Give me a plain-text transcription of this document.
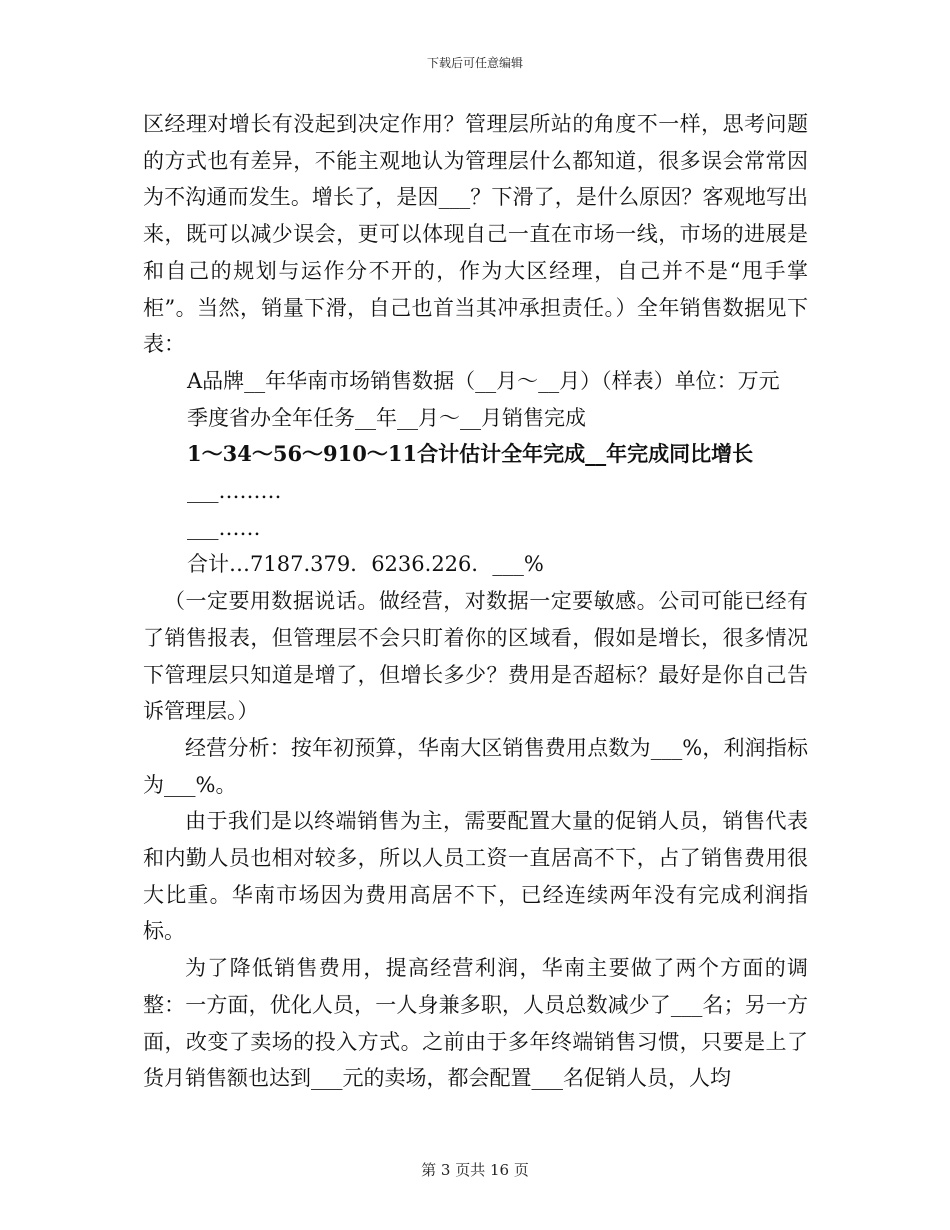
下载后可任意编辑

区经理对增长有没起到决定作用？管理层所站的角度不一样，思考问题的方式也有差异，不能主观地认为管理层什么都知道，很多误会常常因为不沟通而发生。增长了，是因___？下滑了，是什么原因？客观地写出来，既可以减少误会，更可以体现自己一直在市场一线，市场的进展是和自己的规划与运作分不开的，作为大区经理，自己并不是“甩手掌柜”。当然，销量下滑，自己也首当其冲承担责任。）全年销售数据见下表：

A品牌__年华南市场销售数据（__月～__月）（样表）单位：万元

季度省办全年任务__年__月～__月销售完成

1～34～56～910～11合计估计全年完成__年完成同比增长

___………

___……

合计…7187.379．6236.226．___%

（一定要用数据说话。做经营，对数据一定要敏感。公司可能已经有了销售报表，但管理层不会只盯着你的区域看，假如是增长，很多情况下管理层只知道是增了，但增长多少？费用是否超标？最好是你自己告诉管理层。）

经营分析：按年初预算，华南大区销售费用点数为___%，利润指标为___%。

由于我们是以终端销售为主，需要配置大量的促销人员，销售代表和内勤人员也相对较多，所以人员工资一直居高不下，占了销售费用很大比重。华南市场因为费用高居不下，已经连续两年没有完成利润指标。

为了降低销售费用，提高经营利润，华南主要做了两个方面的调整：一方面，优化人员，一人身兼多职，人员总数减少了___名；另一方面，改变了卖场的投入方式。之前由于多年终端销售习惯，只要是上了货月销售额也达到___元的卖场，都会配置___名促销人员，人均

第 3 页共 16 页
